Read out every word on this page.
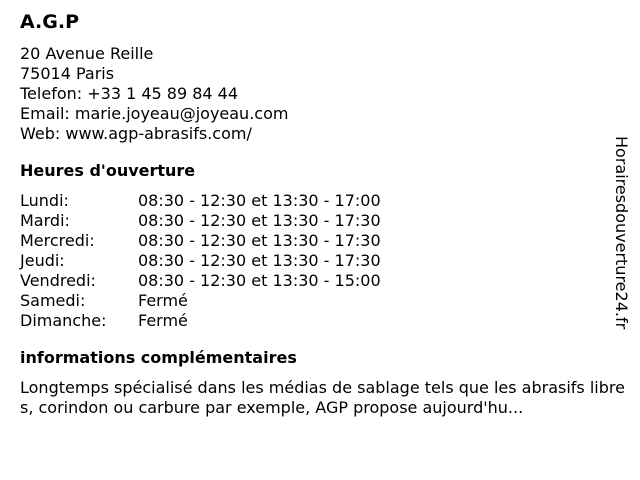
A.G.P
20 Avenue Reille
75014 Paris
Telefon: +33 1 45 89 84 44
Email: marie.joyeau@joyeau.com
Web: www.agp-abrasifs.com/
Heures d'ouverture
Lundi:	08:30 - 12:30 et 13:30 - 17:00
Mardi:	08:30 - 12:30 et 13:30 - 17:30
Mercredi:	08:30 - 12:30 et 13:30 - 17:30
Jeudi:	08:30 - 12:30 et 13:30 - 17:30
Vendredi:	08:30 - 12:30 et 13:30 - 15:00
Samedi:	Fermé
Dimanche:	Fermé
informations complémentaires
Longtemps spécialisé dans les médias de sablage tels que les abrasifs libres, corindon ou carbure par exemple, AGP propose aujourd'hu...
Horairesdouverture24.fr
